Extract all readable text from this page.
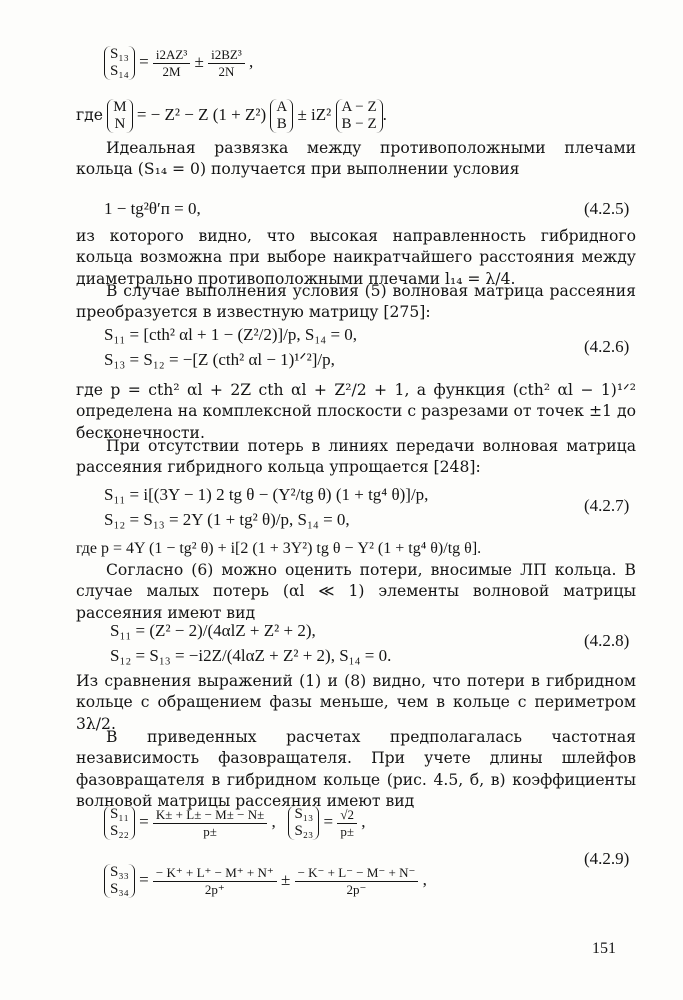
S₁₃
S₁₄
= $\frac{\text{i2AZ³}}{2M} \pm \frac{\text{i2BZ³}}{2N}$ ,
где M
N
= − Z² − Z (1 + Z²) A
B
± iZ² A − Z
B − Z
.
Идеальная развязка между противоположными плечами кольца (S₁₄ = 0) получается при выполнении условия
1 − tg²θ′п = 0,	(4.2.5)
из которого видно, что высокая направленность гибридного кольца возможна при выборе наикратчайшего расстояния между диаметрально противоположными плечами l₁₄ = λ/4.
В случае выполнения условия (5) волновая матрица рассеяния преобразуется в известную матрицу [275]:
S₁₁ = [cth² αl + 1 − (Z²/2)]/p, S₁₄ = 0,
S₁₃ = S₁₂ = −[Z (cth² αl − 1)¹ᐟ²]/p,
(4.2.6)
где p = cth² αl + 2Z cth αl + Z²/2 + 1, а функция (cth² αl − 1)¹ᐟ² определена на комплексной плоскости с разрезами от точек ±1 до бесконечности.
При отсутствии потерь в линиях передачи волновая матрица рассеяния гибридного кольца упрощается [248]:
S₁₁ = i[(3Y − 1) 2 tg θ − (Y²/tg θ) (1 + tg⁴ θ)]/p,
S₁₂ = S₁₃ = 2Y (1 + tg² θ)/p, S₁₄ = 0,
(4.2.7)
где p = 4Y (1 − tg² θ) + i[2 (1 + 3Y²) tg θ − Y² (1 + tg⁴ θ)/tg θ].
Согласно (6) можно оценить потери, вносимые ЛП кольца. В случае малых потерь (αl ≪ 1) элементы волновой матрицы рассеяния имеют вид
S₁₁ = (Z² − 2)/(4αlZ + Z² + 2),
S₁₂ = S₁₃ = −i2Z/(4lαZ + Z² + 2), S₁₄ = 0.
(4.2.8)
Из сравнения выражений (1) и (8) видно, что потери в гибридном кольце с обращением фазы меньше, чем в кольце с периметром 3λ/2.
В приведенных расчетах предполагалась частотная независимость фазовращателя. При учете длины шлейфов фазовращателя в гибридном кольце (рис. 4.5, б, в) коэффициенты волновой матрицы рассеяния имеют вид
S₁₁
S₂₂
= $\frac{K\pm + L\pm - M\pm - N\pm}{p\pm}$ , S₁₃
S₂₃
= $\frac{√2}{p\pm}$ ,
S₃₃
S₃₄
= $\frac{- K^+ + L^+ - M^+ + N^+}{2p^+} \pm \frac{- K^- + L^- - M^- + N^-}{2p^-}$ ,
(4.2.9)
151
